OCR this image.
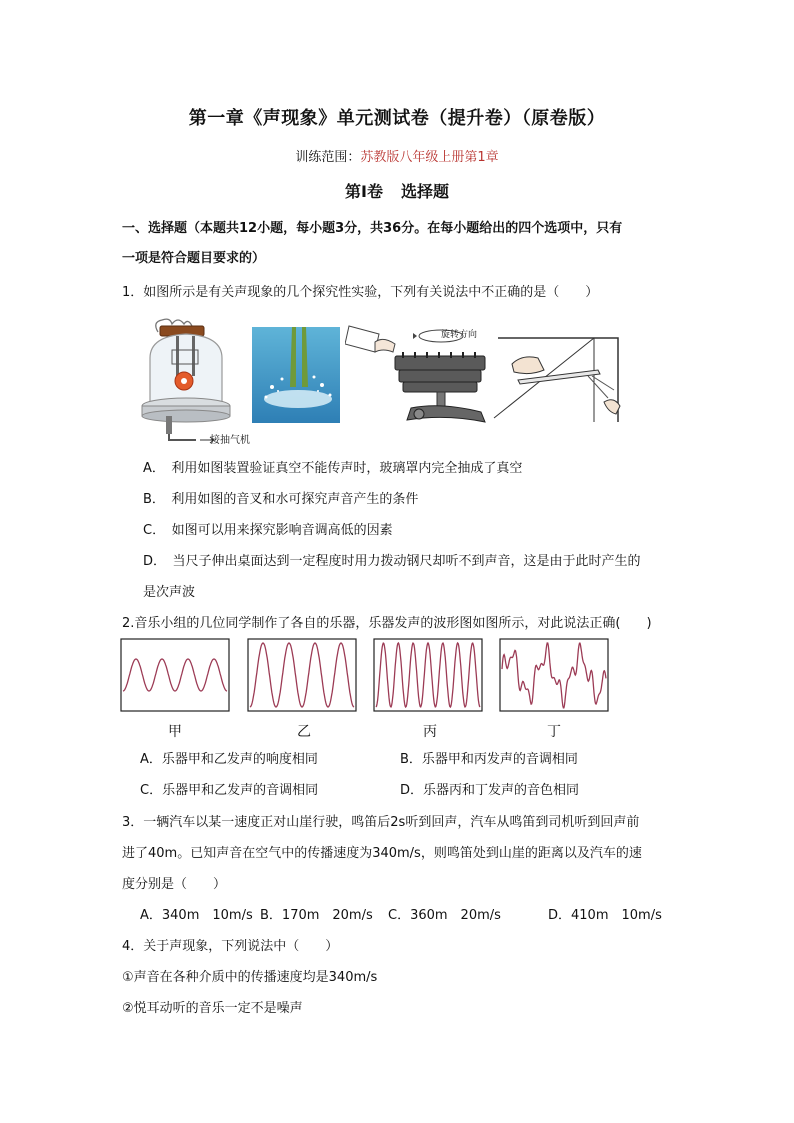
第一章《声现象》单元测试卷（提升卷）（原卷版）
训练范围：苏教版八年级上册第1章
第Ⅰ卷 选择题
一、选择题（本题共12小题，每小题3分，共36分。在每小题给出的四个选项中，只有
一项是符合题目要求的）
1．如图所示是有关声现象的几个探究性实验，下列有关说法中不正确的是（　　）
接抽气机
旋转方向
A．　利用如图装置验证真空不能传声时，玻璃罩内完全抽成了真空
B．　利用如图的音叉和水可探究声音产生的条件
C．　如图可以用来探究影响音调高低的因素
D．　当尺子伸出桌面达到一定程度时用力拨动钢尺却听不到声音，这是由于此时产生的
是次声波
2.音乐小组的几位同学制作了各自的乐器，乐器发声的波形图如图所示，对此说法正确(　　)
甲	乙	丙	丁
A．乐器甲和乙发声的响度相同	B．乐器甲和丙发声的音调相同
C．乐器甲和乙发声的音调相同	D．乐器丙和丁发声的音色相同
3．一辆汽车以某一速度正对山崖行驶，鸣笛后2s听到回声，汽车从鸣笛到司机听到回声前
进了40m。已知声音在空气中的传播速度为340m/s，则鸣笛处到山崖的距离以及汽车的速
度分别是（　　）
A．340m　10m/s B．170m　20m/s C．360m　20m/s	D．410m　10m/s
4．关于声现象，下列说法中（　　）
①声音在各种介质中的传播速度均是340m/s
②悦耳动听的音乐一定不是噪声
